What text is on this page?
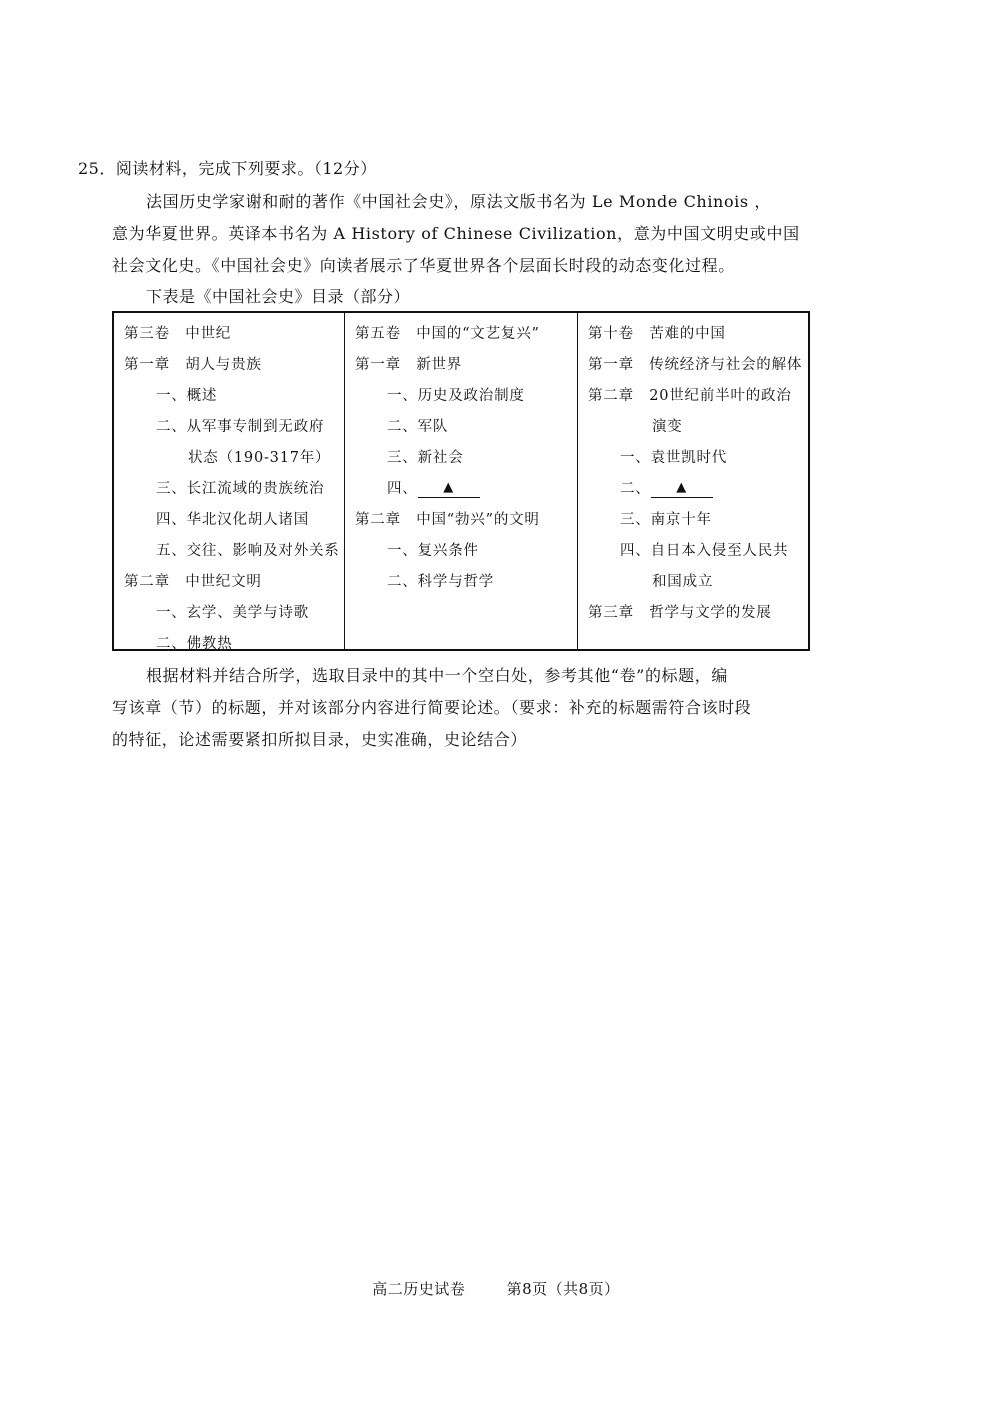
25．阅读材料，完成下列要求。（12分）
法国历史学家谢和耐的著作《中国社会史》，原法文版书名为 Le Monde Chinois ，
意为华夏世界。英译本书名为 A History of Chinese Civilization，意为中国文明史或中国
社会文化史。《中国社会史》向读者展示了华夏世界各个层面长时段的动态变化过程。
下表是《中国社会史》目录（部分）
第三卷　中世纪
第一章　胡人与贵族
一、概述
二、从军事专制到无政府
状态（190-317年）
三、长江流域的贵族统治
四、华北汉化胡人诸国
五、交往、影响及对外关系
第二章　中世纪文明
一、玄学、美学与诗歌
二、佛教热
第五卷　中国的“文艺复兴”
第一章　新世界
一、历史及政治制度
二、军队
三、新社会
四、 ▲
第二章　中国“勃兴”的文明
一、复兴条件
二、科学与哲学
第十卷　苦难的中国
第一章　传统经济与社会的解体
第二章　20世纪前半叶的政治
演变
一、袁世凯时代
二、 ▲
三、南京十年
四、自日本入侵至人民共
和国成立
第三章　哲学与文学的发展
根据材料并结合所学，选取目录中的其中一个空白处，参考其他“卷”的标题，编
写该章（节）的标题，并对该部分内容进行简要论述。（要求：补充的标题需符合该时段
的特征，论述需要紧扣所拟目录，史实准确，史论结合）
高二历史试卷	第8页（共8页）
